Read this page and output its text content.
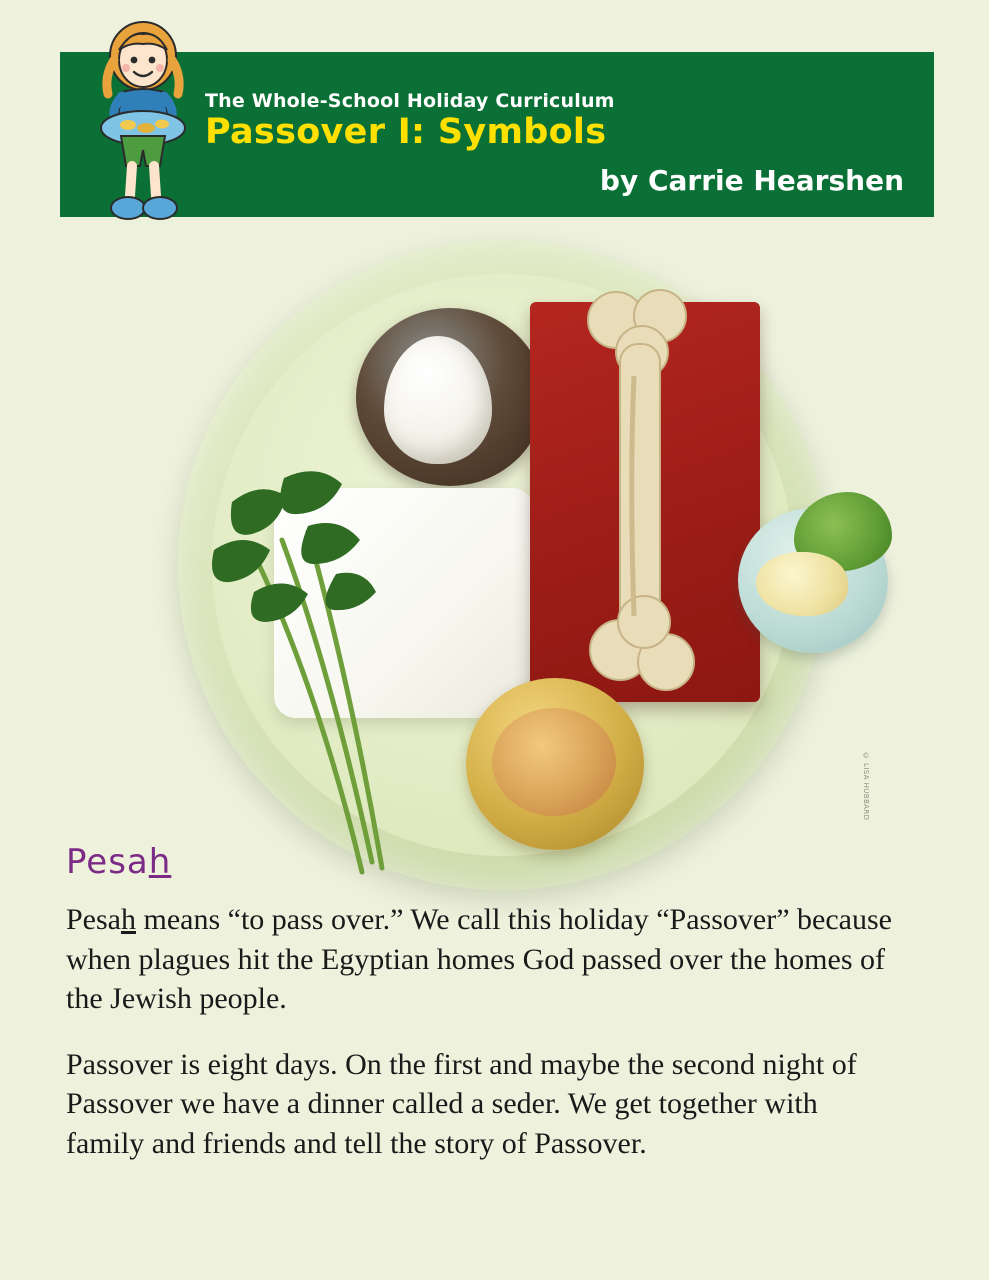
The Whole-School Holiday Curriculum
Passover I: Symbols
by Carrie Hearshen
© LISA HUBBARD
Pesah

Pesah means “to pass over.” We call this holiday “Passover” because when plagues hit the Egyptian homes God passed over the homes of the Jewish people.

Passover is eight days. On the first and maybe the second night of Passover we have a dinner called a seder. We get together with family and friends and tell the story of Passover.
